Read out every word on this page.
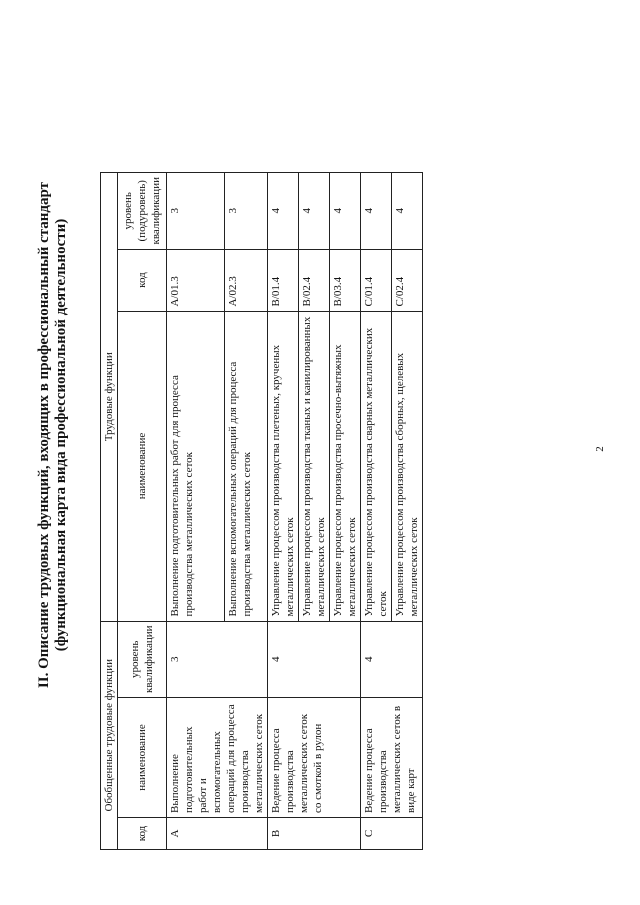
2
II. Описание трудовых функций, входящих в профессиональный стандарт (функциональная карта вида профессиональной деятельности)
Обобщенные трудовые функции			Трудовые функции		
код	наименование	уровень квалификации	наименование	код	уровень (подуровень) квалификации
A	Выполнение подготовительных работ и вспомогательных операций для процесса производства металлических сеток	3	Выполнение подготовительных работ для процесса производства металлических сеток	A/01.3	3
			Выполнение вспомогательных операций для процесса производства металлических сеток	A/02.3	3
B	Ведение процесса производства металлических сеток со смоткой в рулон	4	Управление процессом производства плетеных, крученых металлических сеток	B/01.4	4
			Управление процессом производства тканых и канилированных металлических сеток	B/02.4	4
			Управление процессом производства просечно-вытяжных металлических сеток	B/03.4	4
C	Ведение процесса производства металлических сеток в виде карт	4	Управление процессом производства сварных металлических сеток	C/01.4	4
			Управление процессом производства сборных, щелевых металлических сеток	C/02.4	4
